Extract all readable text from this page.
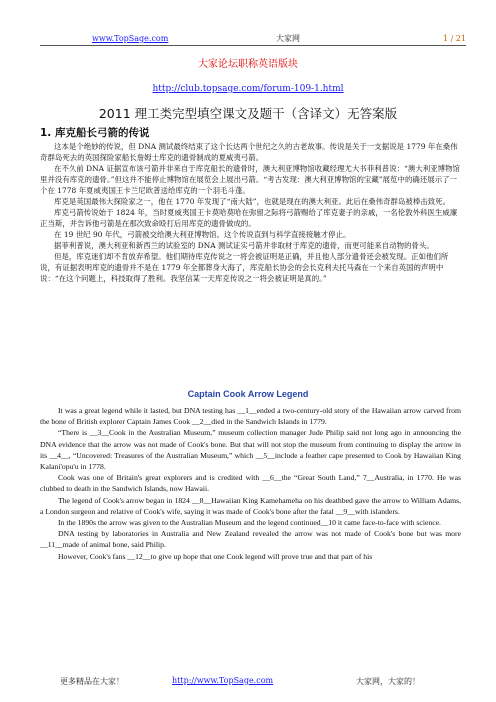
www.TopSage.com	大家网	1 / 21
大家论坛职称英语版块
http://club.topsage.com/forum-109-1.html
2011 理工类完型填空课文及题干（含译文）无答案版
1. 库克船长弓箭的传说

这本是个绝妙的传说，但 DNA 测试最终结束了这个长达两个世纪之久的古老故事。传说是关于一支据说是 1779 年在桑伟奇群岛死去的英国探险家船长詹姆士库克的遗骨制成的夏威夷弓箭。

在不久前 DNA 证据宣布该弓箭并非来自于库克船长的遗骨时，澳大利亚博物馆收藏经理尤大书菲利普说：“澳大利亚博物馆里并没有库克的遗骨。”但这并不能停止博物馆在展览会上展出弓箭。“考古发现：澳大利亚博物馆的宝藏”展览中的确还展示了一个在 1778 年夏威夷国王卡兰尼欧普送给库克的一个羽毛斗蓬。

库克是英国最伟大探险家之一，他在 1770 年发现了“南大陆”，也就是现在的澳大利亚。此后在桑伟奇群岛被棒击致死。

库克弓箭传说始于 1824 年，当时夏威夷国王卡莫哈莫哈在弥留之际将弓箭赐给了库克妻子的亲戚，一名伦敦外科医生威廉正当斯，并告诉他弓箭是在那次致命殴打后用库克的遗骨做成的。

在 19 世纪 90 年代，弓箭被交给澳大利亚博物馆。这个传说直到与科学直接接触才停止。

据菲利普说，澳大利亚和新西兰的试验室的 DNA 测试证实弓箭并非取材于库克的遗骨，而更可能来自动物的骨头。

但是，库克迷们却不肯放弃希望。他们期待库克传说之一将会被证明是正确，并且他人部分遗骨还会被发现。正如他们所说，有证据表明库克的遗骨并不是在 1779 年全都葬身大海了，库克船长协会的会长克利夫托马森在一个来自英国的声明中说：“在这个问题上，科技取得了胜利。我坚信某一天库克传说之一将会被证明是真的。”

Captain Cook Arrow Legend

It was a great legend while it lasted, but DNA testing has __1__ended a two-century-old story of the Hawaiian arrow carved from the bone of British explorer Captain James Cook __2__died in the Sandwich Islands in 1779.

“There is __3__Cook in the Australian Museum,” museum collection manager Jude Philip said not long ago in announcing the DNA evidence that the arrow was not made of Cook's bone. But that will not stop the museum from continuing to display the arrow in its __4__, “Uncovered: Treasures of the Australian Museum,” which __5__include a feather cape presented to Cook by Hawaiian King Kalani'opu'u in 1778.

Cook was one of Britain's great explorers and is credited with __6__the “Great South Land,” 7__Australia, in 1770. He was clubbed to death in the Sandwich Islands, now Hawaii.

The legend of Cook's arrow began in 1824 __8__Hawaiian King Kamehameha on his deathbed gave the arrow to William Adams, a London surgeon and relative of Cook's wife, saying it was made of Cook's bone after the fatal __9__with islanders.

In the 1890s the arrow was given to the Australian Museum and the legend continued__10 it came face-to-face with science.

DNA testing by laboratories in Australia and New Zealand revealed the arrow was not made of Cook's bone but was more __11__made of animal bone, said Philip.

However, Cook's fans __12__to give up hope that one Cook legend will prove true and that part of his

更多精品在大家！	http://www.TopSage.com	大家网，大家的！
